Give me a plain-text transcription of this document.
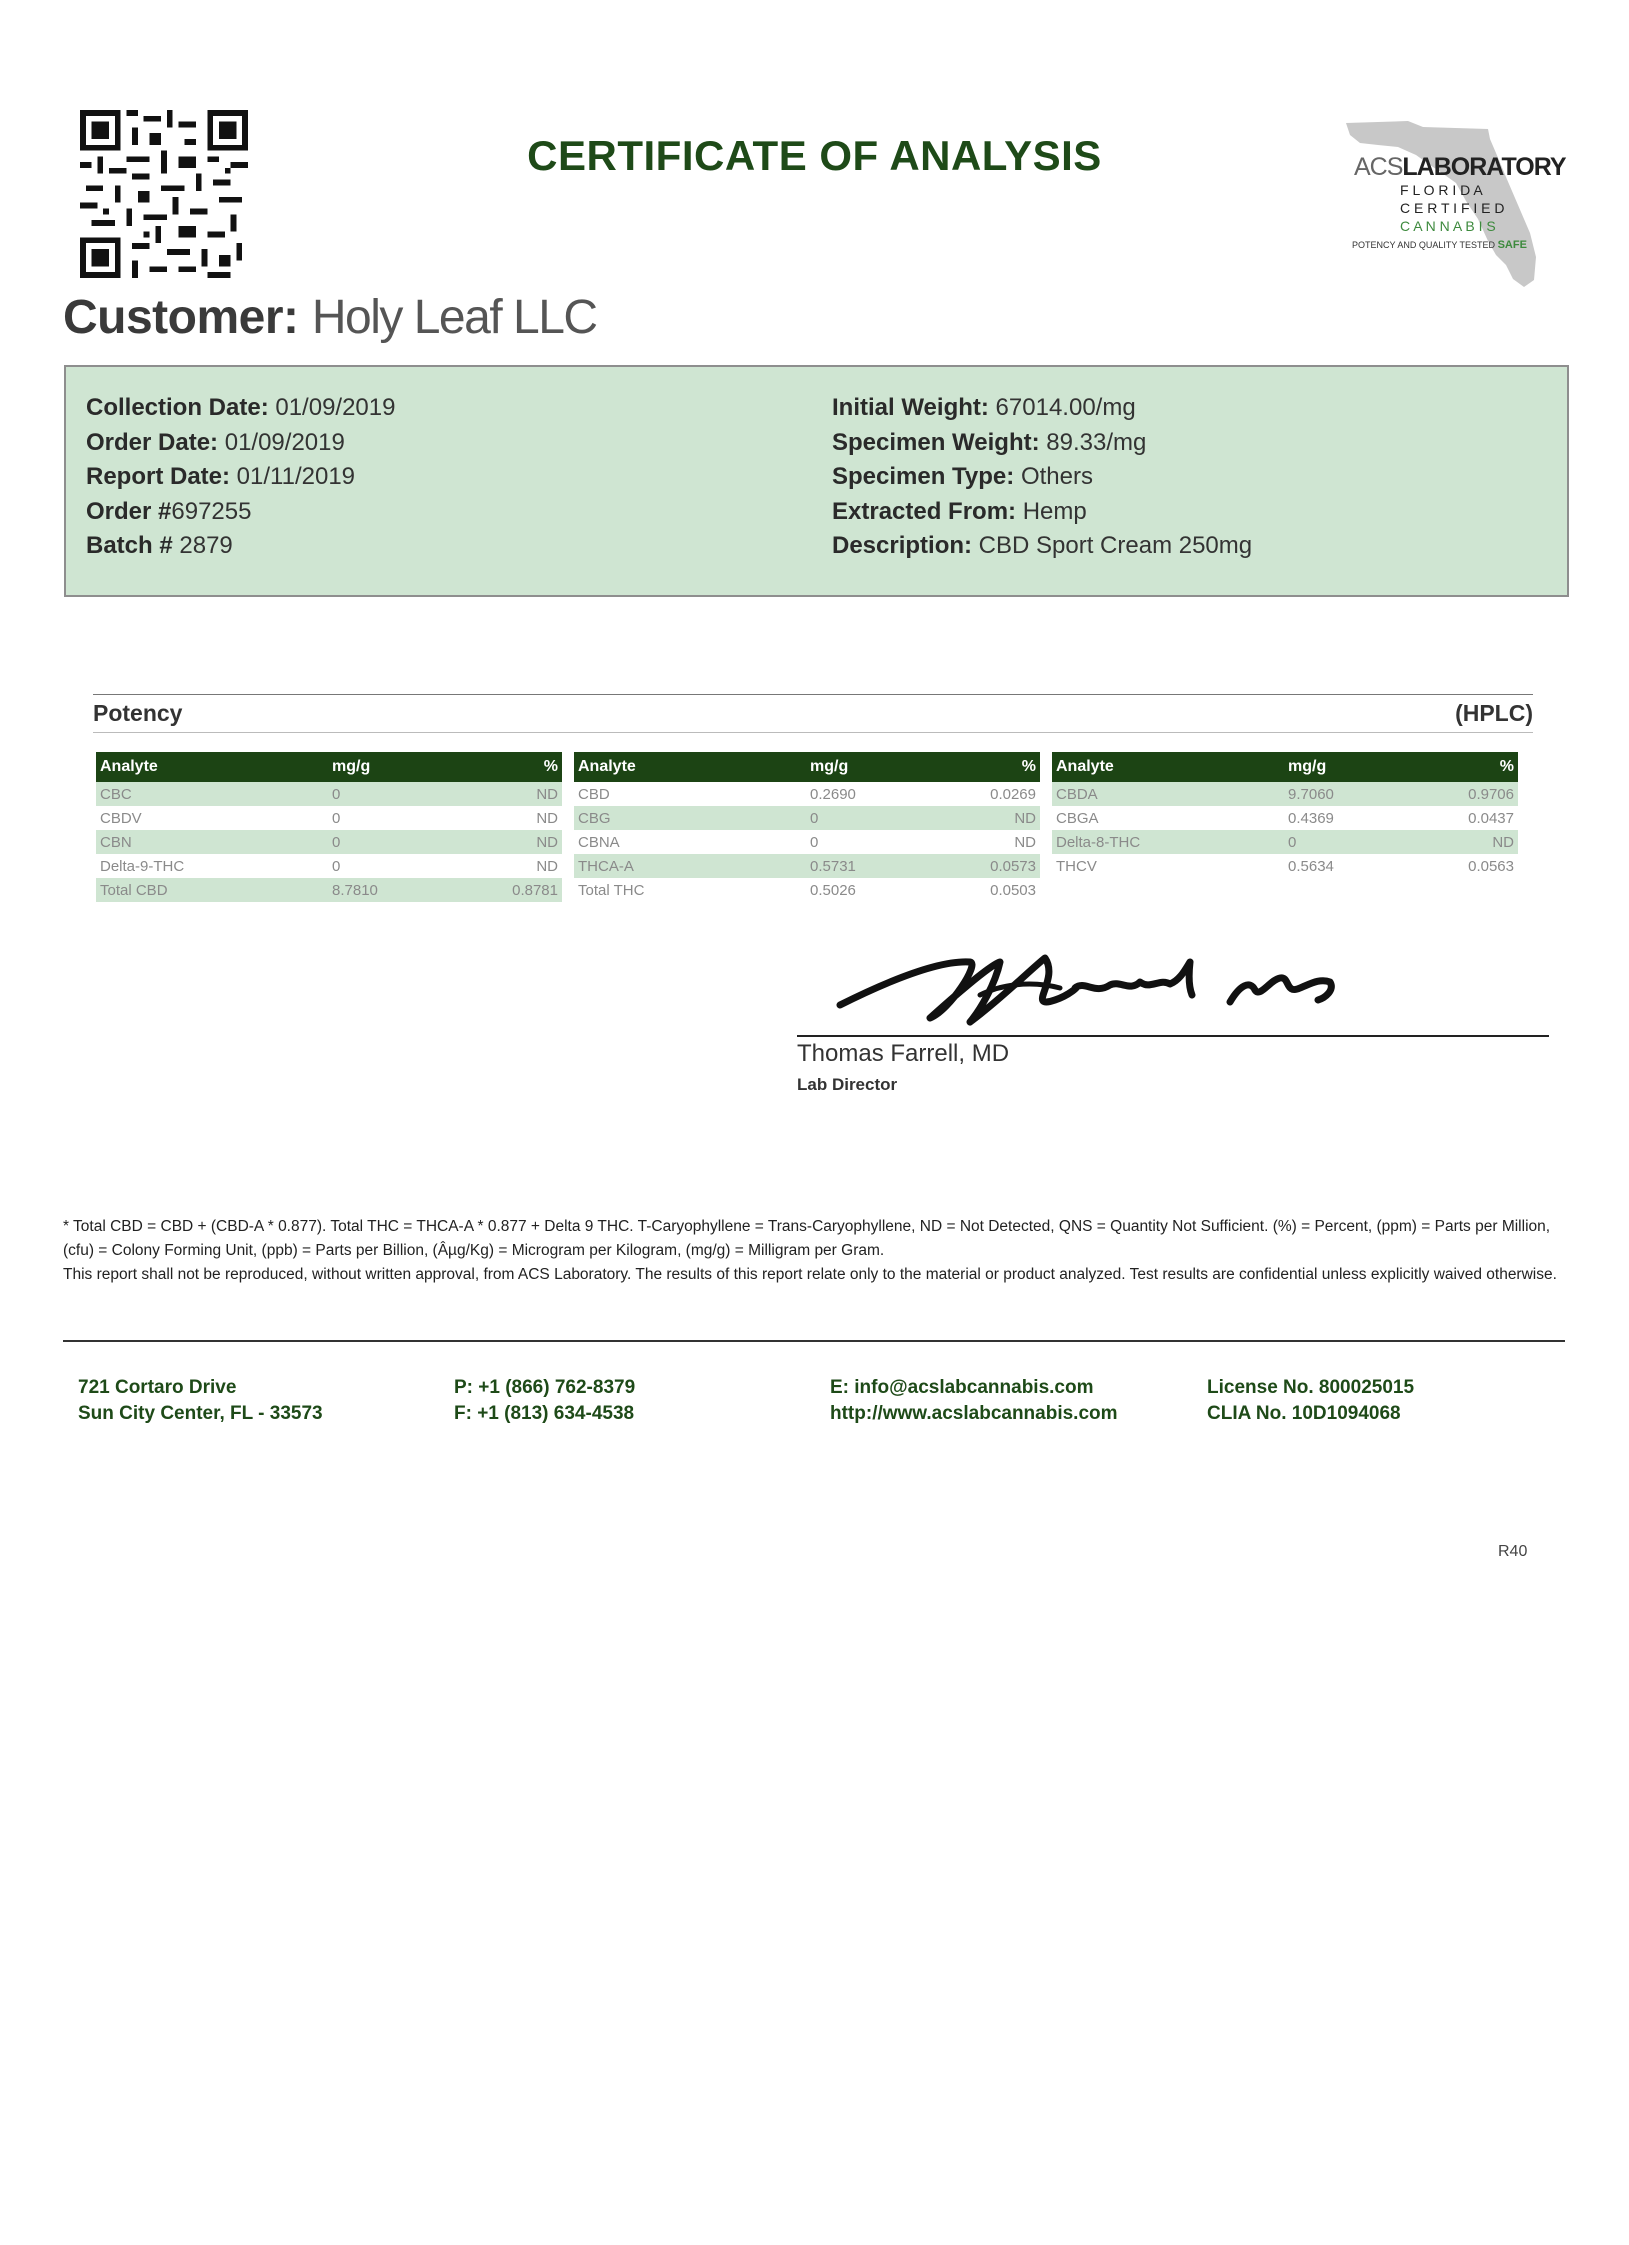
CERTIFICATE OF ANALYSIS	ACSLABORATORY
F L O R I D A
C E R T I F I E D
C A N N A B I S
POTENCY AND QUALITY TESTED SAFE
Customer: Holy Leaf LLC
Collection Date: 01/09/2019
Order Date: 01/09/2019
Report Date: 01/11/2019
Order #697255
Batch # 2879
Initial Weight: 67014.00/mg
Specimen Weight: 89.33/mg
Specimen Type: Others
Extracted From: Hemp
Description: CBD Sport Cream 250mg
Potency	(HPLC)
Analyte	mg/g	%
CBC	0	ND
CBDV	0	ND
CBN	0	ND
Delta-9-THC	0	ND
Total CBD	8.7810	0.8781
Analyte	mg/g	%
CBD	0.2690	0.0269
CBG	0	ND
CBNA	0	ND
THCA-A	0.5731	0.0573
Total THC	0.5026	0.0503
Analyte	mg/g	%
CBDA	9.7060	0.9706
CBGA	0.4369	0.0437
Delta-8-THC	0	ND
THCV	0.5634	0.0563
Thomas Farrell, MD
Lab Director
* Total CBD = CBD + (CBD-A * 0.877). Total THC = THCA-A * 0.877 + Delta 9 THC. T-Caryophyllene = Trans-Caryophyllene, ND = Not Detected, QNS = Quantity Not Sufficient. (%) = Percent, (ppm) = Parts per Million, (cfu) = Colony Forming Unit, (ppb) = Parts per Billion, (Âµg/Kg) = Microgram per Kilogram, (mg/g) = Milligram per Gram.
This report shall not be reproduced, without written approval, from ACS Laboratory. The results of this report relate only to the material or product analyzed. Test results are confidential unless explicitly waived otherwise.
721 Cortaro Drive
Sun City Center, FL - 33573
P: +1 (866) 762-8379
F: +1 (813) 634-4538
E: info@acslabcannabis.com
http://www.acslabcannabis.com
License No. 800025015
CLIA No. 10D1094068
R40
